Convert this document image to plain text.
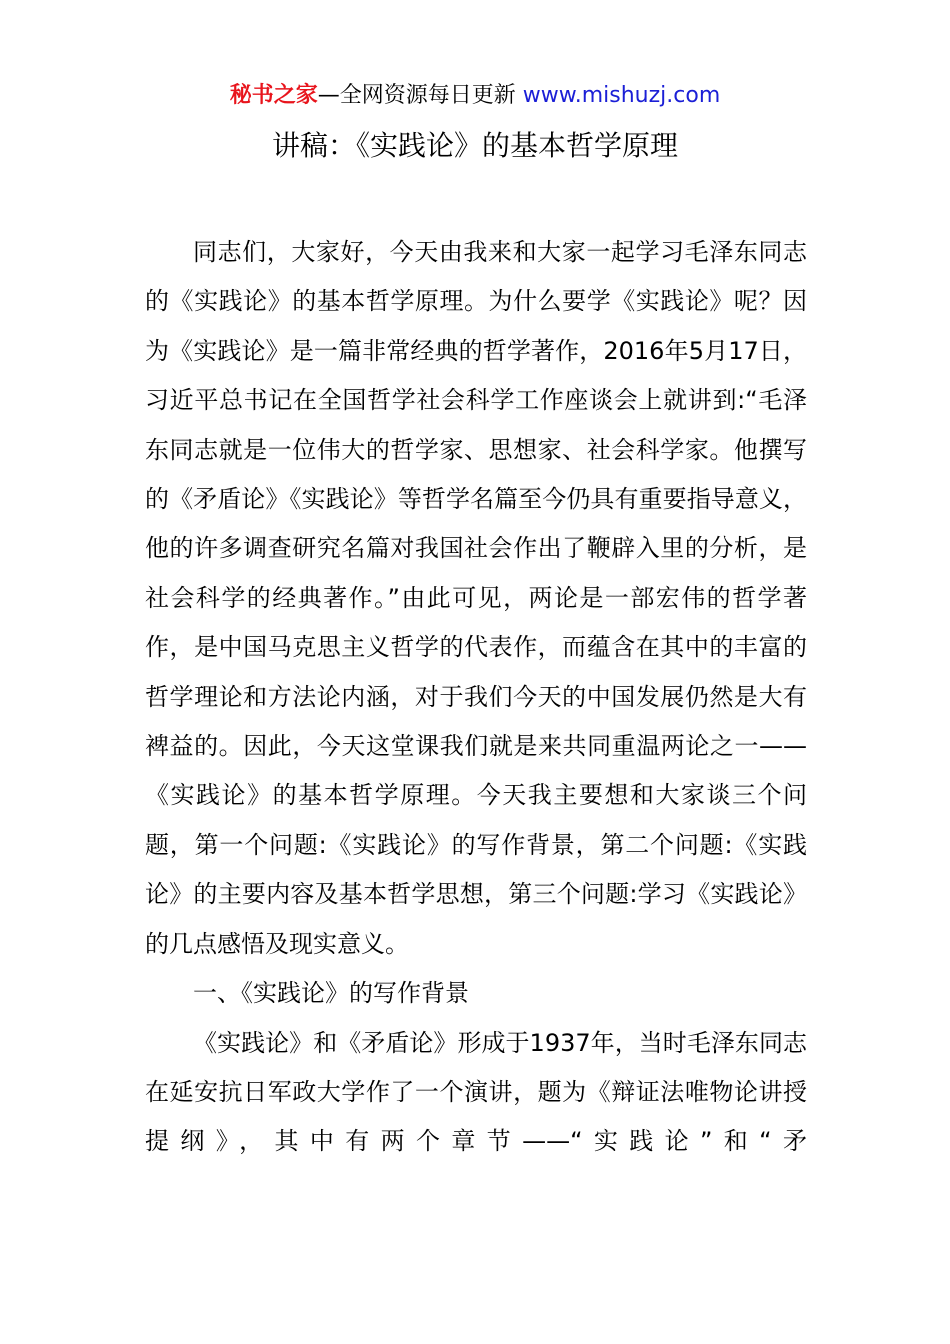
秘书之家—全网资源每日更新 www.mishuzj.com
讲稿：《实践论》的基本哲学原理

同志们，大家好，今天由我来和大家一起学习毛泽东同志的《实践论》的基本哲学原理。为什么要学《实践论》呢？因为《实践论》是一篇非常经典的哲学著作，2016年5月17日，习近平总书记在全国哲学社会科学工作座谈会上就讲到:“毛泽东同志就是一位伟大的哲学家、思想家、社会科学家。他撰写的《矛盾论》《实践论》等哲学名篇至今仍具有重要指导意义，他的许多调查研究名篇对我国社会作出了鞭辟入里的分析，是社会科学的经典著作。”由此可见，两论是一部宏伟的哲学著作，是中国马克思主义哲学的代表作，而蕴含在其中的丰富的哲学理论和方法论内涵，对于我们今天的中国发展仍然是大有裨益的。因此，今天这堂课我们就是来共同重温两论之一——《实践论》的基本哲学原理。今天我主要想和大家谈三个问题，第一个问题:《实践论》的写作背景，第二个问题:《实践论》的主要内容及基本哲学思想，第三个问题:学习《实践论》的几点感悟及现实意义。

一、《实践论》的写作背景

《实践论》和《矛盾论》形成于1937年，当时毛泽东同志在延安抗日军政大学作了一个演讲，题为《辩证法唯物论讲授提纲》，其中有两个章节——“实践论”和“矛
